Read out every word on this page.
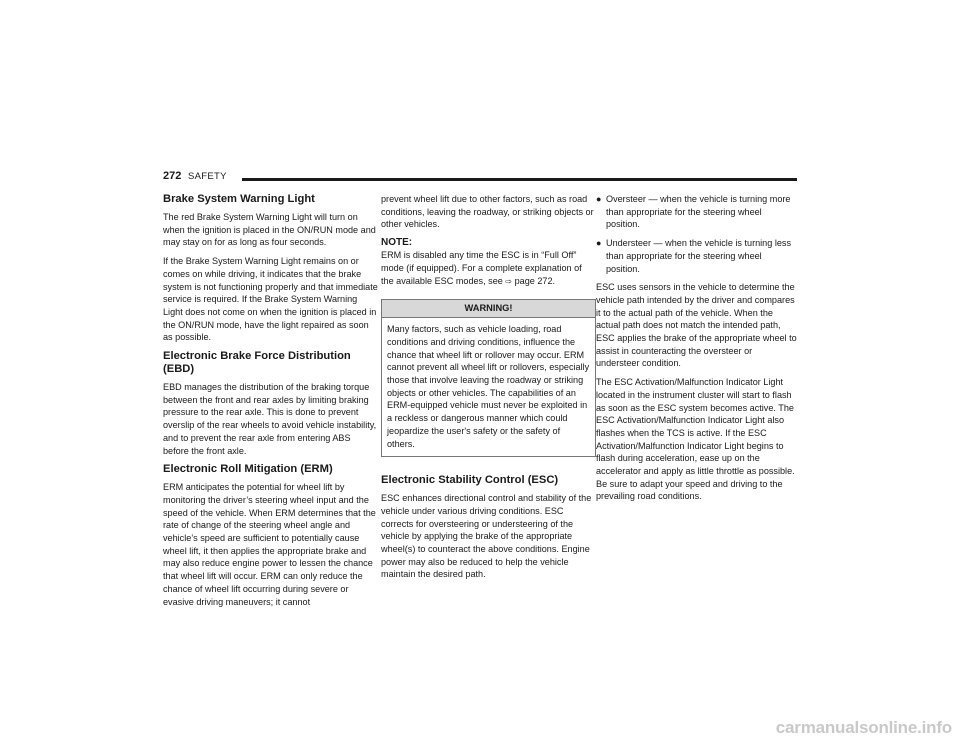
272 SAFETY
Brake System Warning Light

The red Brake System Warning Light will turn on when the ignition is placed in the ON/RUN mode and may stay on for as long as four seconds.

If the Brake System Warning Light remains on or comes on while driving, it indicates that the brake system is not functioning properly and that immediate service is required. If the Brake System Warning Light does not come on when the ignition is placed in the ON/RUN mode, have the light repaired as soon as possible.

Electronic Brake Force Distribution (EBD)

EBD manages the distribution of the braking torque between the front and rear axles by limiting braking pressure to the rear axle. This is done to prevent overslip of the rear wheels to avoid vehicle instability, and to prevent the rear axle from entering ABS before the front axle.

Electronic Roll Mitigation (ERM)

ERM anticipates the potential for wheel lift by monitoring the driver’s steering wheel input and the speed of the vehicle. When ERM determines that the rate of change of the steering wheel angle and vehicle’s speed are sufficient to potentially cause wheel lift, it then applies the appropriate brake and may also reduce engine power to lessen the chance that wheel lift will occur. ERM can only reduce the chance of wheel lift occurring during severe or evasive driving maneuvers; it cannot

prevent wheel lift due to other factors, such as road conditions, leaving the roadway, or striking objects or other vehicles.

NOTE:

ERM is disabled any time the ESC is in “Full Off” mode (if equipped). For a complete explanation of the available ESC modes, see ⇨ page 272.

WARNING!
Many factors, such as vehicle loading, road conditions and driving conditions, influence the chance that wheel lift or rollover may occur. ERM cannot prevent all wheel lift or rollovers, especially those that involve leaving the roadway or striking objects or other vehicles. The capabilities of an ERM-equipped vehicle must never be exploited in a reckless or dangerous manner which could jeopardize the user's safety or the safety of others.
Electronic Stability Control (ESC)

ESC enhances directional control and stability of the vehicle under various driving conditions. ESC corrects for oversteering or understeering of the vehicle by applying the brake of the appropriate wheel(s) to counteract the above conditions. Engine power may also be reduced to help the vehicle maintain the desired path.

● Oversteer — when the vehicle is turning more than appropriate for the steering wheel position.
● Understeer — when the vehicle is turning less than appropriate for the steering wheel position.

ESC uses sensors in the vehicle to determine the vehicle path intended by the driver and compares it to the actual path of the vehicle. When the actual path does not match the intended path, ESC applies the brake of the appropriate wheel to assist in counteracting the oversteer or understeer condition.

The ESC Activation/Malfunction Indicator Light located in the instrument cluster will start to flash as soon as the ESC system becomes active. The ESC Activation/Malfunction Indicator Light also flashes when the TCS is active. If the ESC Activation/Malfunction Indicator Light begins to flash during acceleration, ease up on the accelerator and apply as little throttle as possible. Be sure to adapt your speed and driving to the prevailing road conditions.

carmanualsonline.info
